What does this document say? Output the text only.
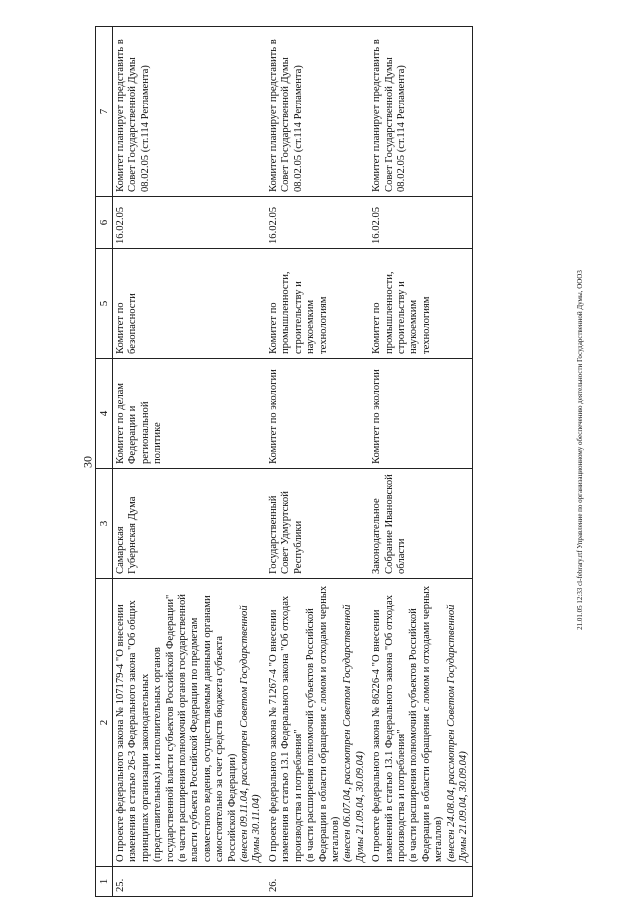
30	21.01.05 12:33 cl-febrary.rtf Управление по организационному обеспечению деятельности Государственной Думы, ООО3
1	2	3	4	5	6	7
25.	О проекте федерального закона № 107179-4 "О внесении изменения в статью 26-3 Федерального закона "Об общих принципах организации законодательных (представительных) и исполнительных органов государственной власти субъектов Российской Федерации" (в части расширения полномочий органов государственной власти субъекта Российской Федерации по предметам совместного ведения, осуществляемым данными органами самостоятельно за счет средств бюджета субъекта Российской Федерации) (внесен 09.11.04, рассмотрен Советом Государственной Думы 30.11.04)	Самарская Губернская Дума	Комитет по делам Федерации и региональной политике	Комитет по безопасности	16.02.05	Комитет планирует представить в Совет Государственной Думы 08.02.05 (ст.114 Регламента)
26.	О проекте федерального закона № 71267-4 "О внесении изменения в статью 13.1 Федерального закона "Об отходах производства и потребления" (в части расширения полномочий субъектов Российской Федерации в области обращения с ломом и отходами черных металлов) (внесен 06.07.04, рассмотрен Советом Государственной Думы 21.09.04, 30.09.04)	Государственный Совет Удмуртской Республики	Комитет по экологии	Комитет по промышленности, строительству и наукоемким технологиям	16.02.05	Комитет планирует представить в Совет Государственной Думы 08.02.05 (ст.114 Регламента)
	О проекте федерального закона № 86226-4 "О внесении изменений в статью 13.1 Федерального закона "Об отходах производства и потребления" (в части расширения полномочий субъектов Российской Федерации в области обращения с ломом и отходами черных металлов) (внесен 24.08.04, рассмотрен Советом Государственной Думы 21.09.04, 30.09.04)	Законодательное Собрание Ивановской области	Комитет по экологии	Комитет по промышленности, строительству и наукоемким технологиям	16.02.05	Комитет планирует представить в Совет Государственной Думы 08.02.05 (ст.114 Регламента)
